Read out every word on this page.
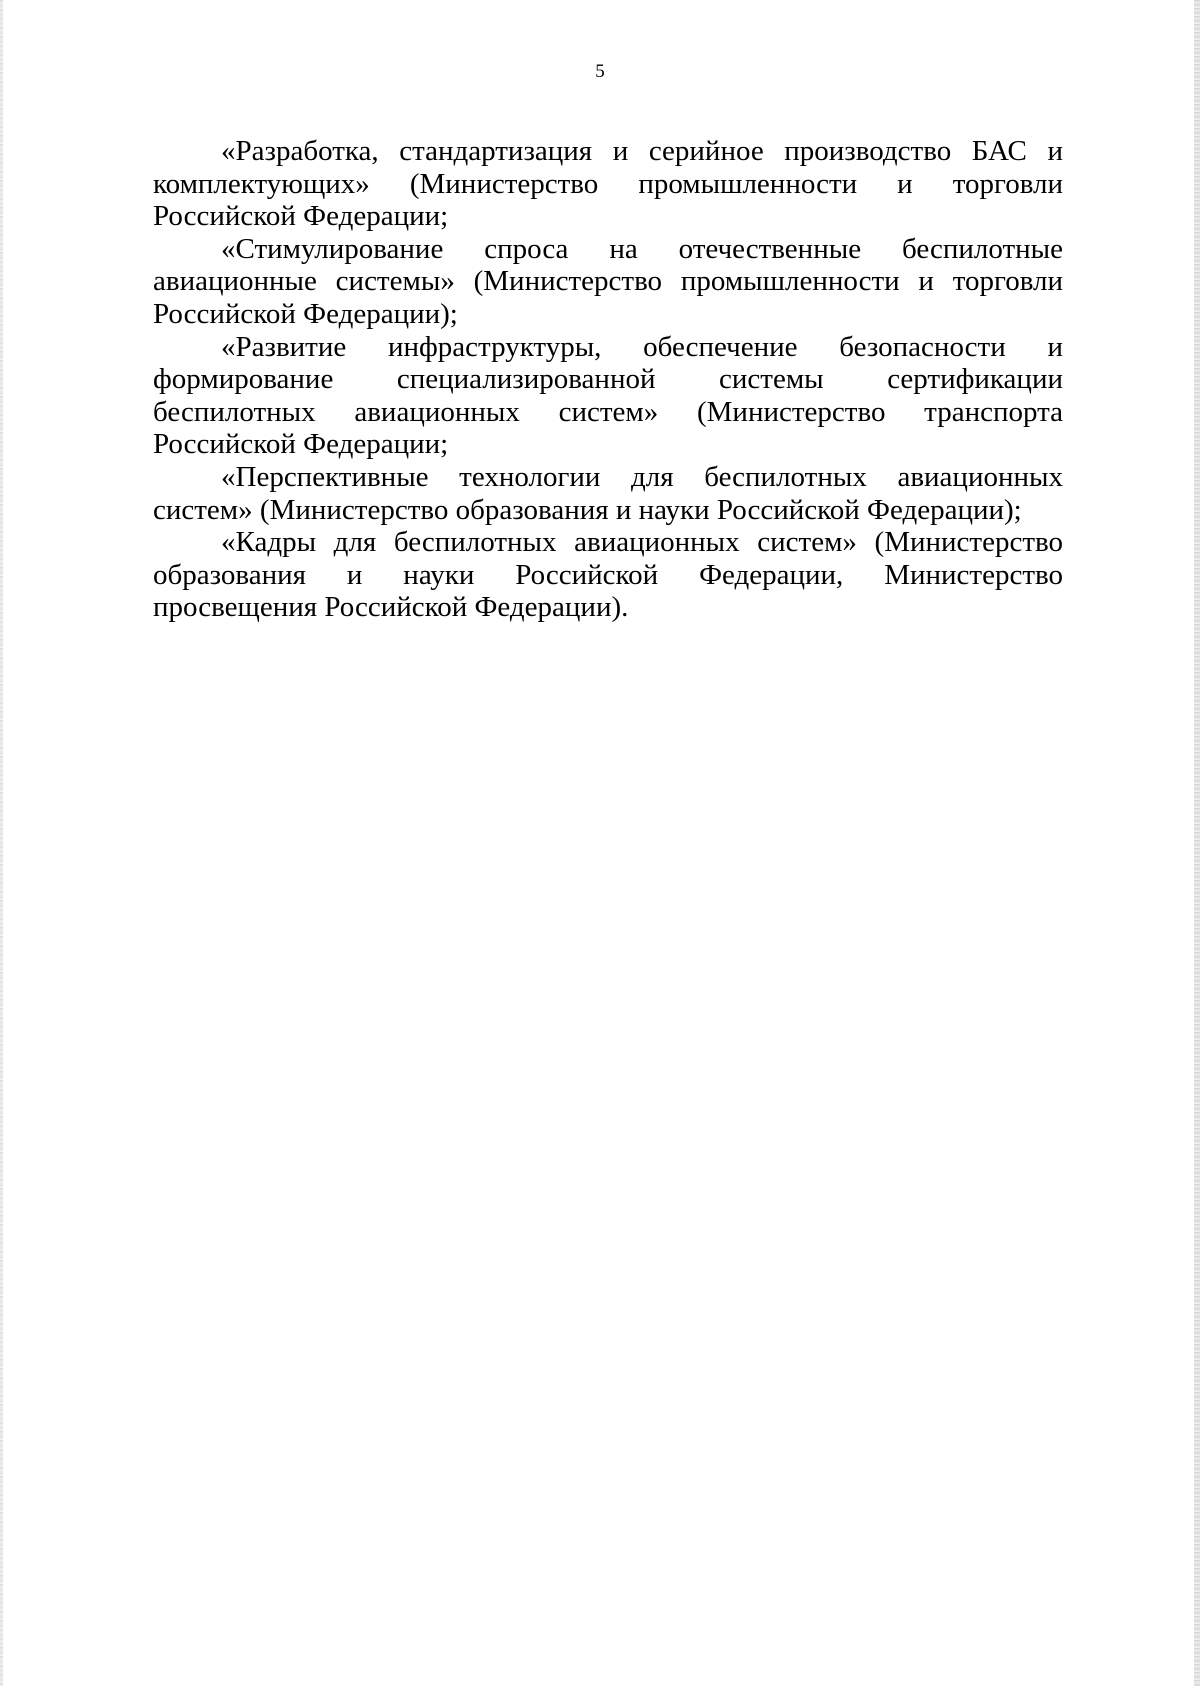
5

«Разработка, стандартизация и серийное производство БАС и комплектующих» (Министерство промышленности и торговли Российской Федерации;

«Стимулирование спроса на отечественные беспилотные авиационные системы» (Министерство промышленности и торговли Российской Федерации);

«Развитие инфраструктуры, обеспечение безопасности и формирование специализированной системы сертификации беспилотных авиационных систем» (Министерство транспорта Российской Федерации;

«Перспективные технологии для беспилотных авиационных систем» (Министерство образования и науки Российской Федерации);

«Кадры для беспилотных авиационных систем» (Министерство образования и науки Российской Федерации, Министерство просвещения Российской Федерации).
